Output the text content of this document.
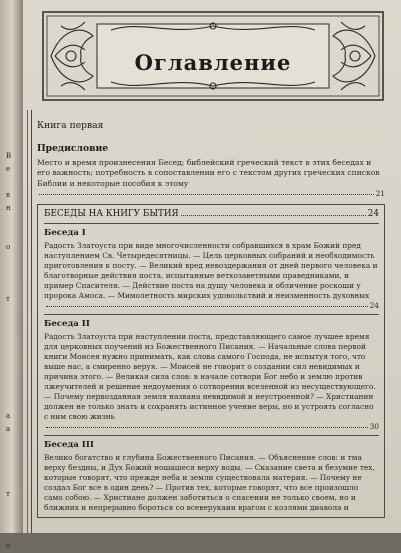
В
е

в
н

о

т

а
а

т

о
Оглавление
Книга первая
Предисловие
Место и время произнесения Бесед; библейский греческий текст в этих беседах и его важность; потребность в сопоставлении его с текстом других греческих списков Библии и некоторые пособия к этому
21
БЕСЕДЫ НА КНИГУ БЫТИЯ	24
Беседа I
Радость Златоуста при виде многочисленности собравшихся в храм Божий пред наступлением Св. Четыредесятницы. — Цель церковных собраний и необходимость приготовления к посту. — Великий вред невоздержания от дней первого человека и благотворные действия поста, испытанные ветхозаветными праведниками, и пример Спасителя. — Действие поста на душу человека и обличение роскоши у пророка Амоса. — Мимолетность мирских удовольствий и неизменность духовных
24
Беседа II
Радость Златоуста при наступлении поста, представляющего самое лучшее время для церковных поучений из Божественного Писания. — Начальные слова первой книги Моисея нужно принимать, как слова самого Господа, не испытуя того, что выше нас, а смиренно веруя. — Моисей не говорит о создании сил невидимых и причина этого. — Великая сила слов: в начале сотвори Бог небо и землю против лжеучителей и решение недоумения о сотворении вселенной из несуществующего. — Почему первозданная земля названа невидимой и неустроенной? — Христианин должен не только знать и сохранять истинное учение веры, но и устроять согласно с ним свою жизнь
30
Беседа III
Велико богатство и глубина Божественного Писания. — Объяснение слов: и тма верху бездны, и Дух Божий ношашеся верху воды. — Сказание света и безумие тех, которые говорят, что прежде неба и земли существовала материя. — Почему не создал Бог все в один день? — Против тех, которые говорят, что все произошло само собою. — Христиане должен заботиться о спасении не только своем, но и ближних и непрерывно бороться со всеверукаии врагом с козлями диавола и
